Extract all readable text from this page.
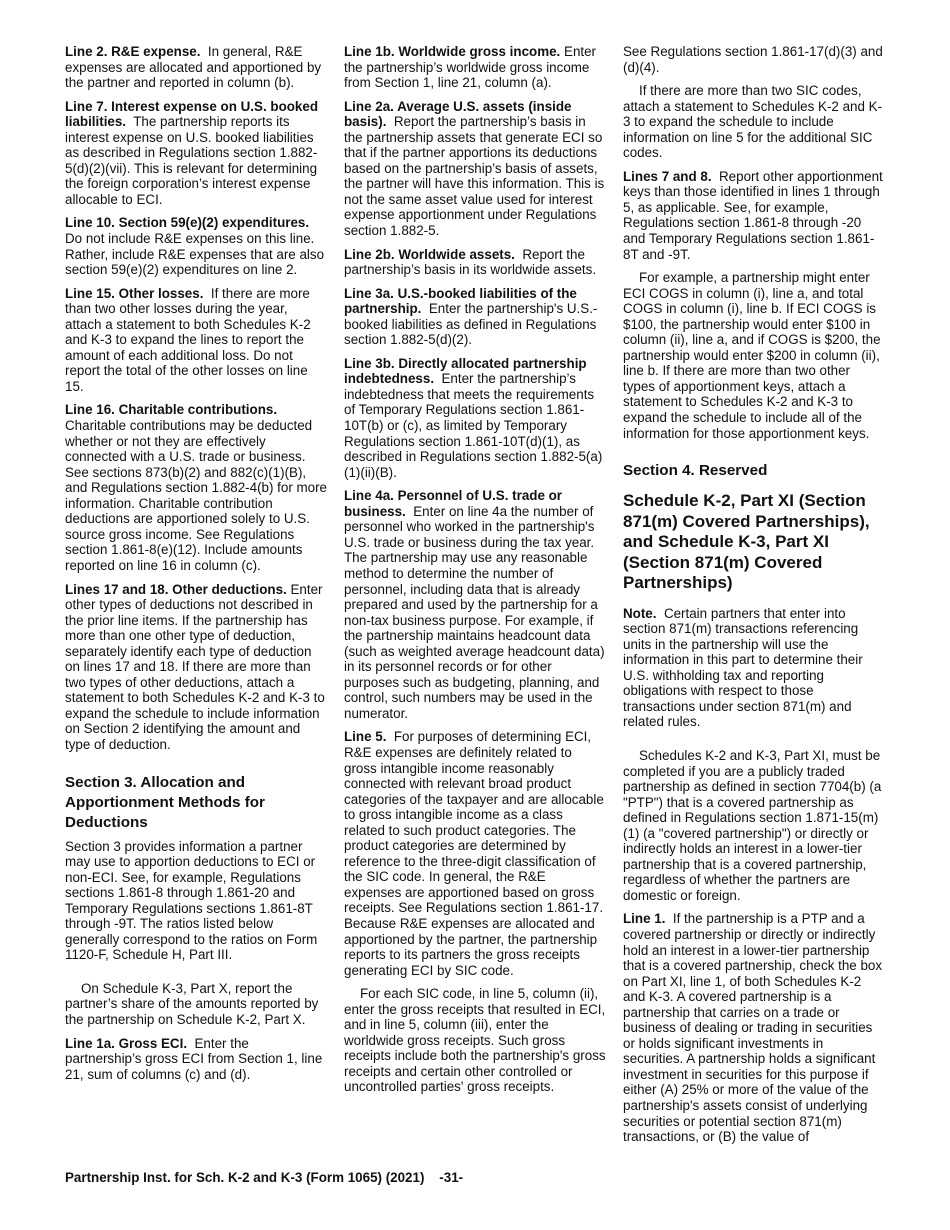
Line 2. R&E expense. In general, R&E expenses are allocated and apportioned by the partner and reported in column (b).

Line 7. Interest expense on U.S. booked liabilities. The partnership reports its interest expense on U.S. booked liabilities as described in Regulations section 1.882-5(d)(2)(vii). This is relevant for determining the foreign corporation’s interest expense allocable to ECI.

Line 10. Section 59(e)(2) expenditures. Do not include R&E expenses on this line. Rather, include R&E expenses that are also section 59(e)(2) expenditures on line 2.

Line 15. Other losses. If there are more than two other losses during the year, attach a statement to both Schedules K-2 and K-3 to expand the lines to report the amount of each additional loss. Do not report the total of the other losses on line 15.

Line 16. Charitable contributions. Charitable contributions may be deducted whether or not they are effectively connected with a U.S. trade or business. See sections 873(b)(2) and 882(c)(1)(B), and Regulations section 1.882-4(b) for more information. Charitable contribution deductions are apportioned solely to U.S. source gross income. See Regulations section 1.861-8(e)(12). Include amounts reported on line 16 in column (c).

Lines 17 and 18. Other deductions. Enter other types of deductions not described in the prior line items. If the partnership has more than one other type of deduction, separately identify each type of deduction on lines 17 and 18. If there are more than two types of other deductions, attach a statement to both Schedules K-2 and K-3 to expand the schedule to include information on Section 2 identifying the amount and type of deduction.

Section 3. Allocation and Apportionment Methods for Deductions

Section 3 provides information a partner may use to apportion deductions to ECI or non-ECI. See, for example, Regulations sections 1.861-8 through 1.861-20 and Temporary Regulations sections 1.861-8T through -9T. The ratios listed below generally correspond to the ratios on Form 1120-F, Schedule H, Part III.

On Schedule K-3, Part X, report the partner’s share of the amounts reported by the partnership on Schedule K-2, Part X.

Line 1a. Gross ECI. Enter the partnership’s gross ECI from Section 1, line 21, sum of columns (c) and (d).

Line 1b. Worldwide gross income. Enter the partnership’s worldwide gross income from Section 1, line 21, column (a).

Line 2a. Average U.S. assets (inside basis). Report the partnership’s basis in the partnership assets that generate ECI so that if the partner apportions its deductions based on the partnership’s basis of assets, the partner will have this information. This is not the same asset value used for interest expense apportionment under Regulations section 1.882-5.

Line 2b. Worldwide assets. Report the partnership’s basis in its worldwide assets.

Line 3a. U.S.-booked liabilities of the partnership. Enter the partnership's U.S.-booked liabilities as defined in Regulations section 1.882-5(d)(2).

Line 3b. Directly allocated partnership indebtedness. Enter the partnership’s indebtedness that meets the requirements of Temporary Regulations section 1.861-10T(b) or (c), as limited by Temporary Regulations section 1.861-10T(d)(1), as described in Regulations section 1.882-5(a)(1)(ii)(B).

Line 4a. Personnel of U.S. trade or business. Enter on line 4a the number of personnel who worked in the partnership's U.S. trade or business during the tax year. The partnership may use any reasonable method to determine the number of personnel, including data that is already prepared and used by the partnership for a non-tax business purpose. For example, if the partnership maintains headcount data (such as weighted average headcount data) in its personnel records or for other purposes such as budgeting, planning, and control, such numbers may be used in the numerator.

Line 5. For purposes of determining ECI, R&E expenses are definitely related to gross intangible income reasonably connected with relevant broad product categories of the taxpayer and are allocable to gross intangible income as a class related to such product categories. The product categories are determined by reference to the three-digit classification of the SIC code. In general, the R&E expenses are apportioned based on gross receipts. See Regulations section 1.861-17. Because R&E expenses are allocated and apportioned by the partner, the partnership reports to its partners the gross receipts generating ECI by SIC code.

For each SIC code, in line 5, column (ii), enter the gross receipts that resulted in ECI, and in line 5, column (iii), enter the worldwide gross receipts. Such gross receipts include both the partnership's gross receipts and certain other controlled or uncontrolled parties' gross receipts.

See Regulations section 1.861-17(d)(3) and (d)(4).

If there are more than two SIC codes, attach a statement to Schedules K-2 and K-3 to expand the schedule to include information on line 5 for the additional SIC codes.

Lines 7 and 8. Report other apportionment keys than those identified in lines 1 through 5, as applicable. See, for example, Regulations section 1.861-8 through -20 and Temporary Regulations section 1.861-8T and -9T.

For example, a partnership might enter ECI COGS in column (i), line a, and total COGS in column (i), line b. If ECI COGS is $100, the partnership would enter $100 in column (ii), line a, and if COGS is $200, the partnership would enter $200 in column (ii), line b. If there are more than two other types of apportionment keys, attach a statement to Schedules K-2 and K-3 to expand the schedule to include all of the information for those apportionment keys.

Section 4. Reserved
Schedule K-2, Part XI (Section 871(m) Covered Partnerships), and Schedule K-3, Part XI (Section 871(m) Covered Partnerships)

Note. Certain partners that enter into section 871(m) transactions referencing units in the partnership will use the information in this part to determine their U.S. withholding tax and reporting obligations with respect to those transactions under section 871(m) and related rules.

Schedules K-2 and K-3, Part XI, must be completed if you are a publicly traded partnership as defined in section 7704(b) (a "PTP") that is a covered partnership as defined in Regulations section 1.871-15(m)(1) (a "covered partnership") or directly or indirectly holds an interest in a lower-tier partnership that is a covered partnership, regardless of whether the partners are domestic or foreign.

Line 1. If the partnership is a PTP and a covered partnership or directly or indirectly hold an interest in a lower-tier partnership that is a covered partnership, check the box on Part XI, line 1, of both Schedules K-2 and K-3. A covered partnership is a partnership that carries on a trade or business of dealing or trading in securities or holds significant investments in securities. A partnership holds a significant investment in securities for this purpose if either (A) 25% or more of the value of the partnership's assets consist of underlying securities or potential section 871(m) transactions, or (B) the value of

Partnership Inst. for Sch. K-2 and K-3 (Form 1065) (2021) -31-
